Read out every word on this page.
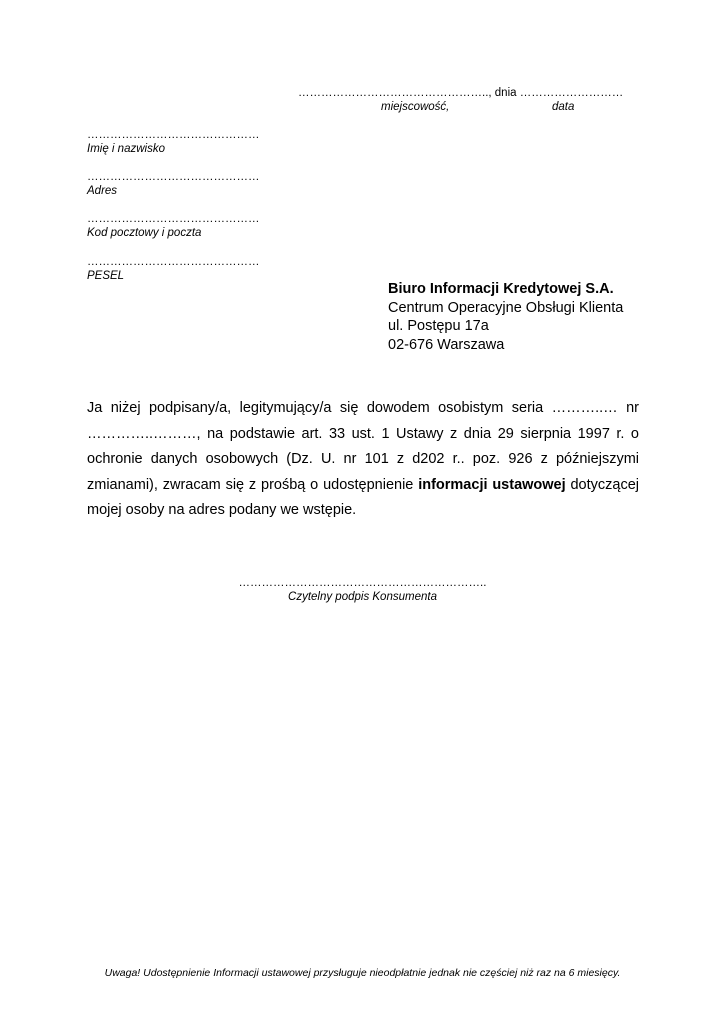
………………………………………….., dnia ………………………
miejscowość,	data
………………………………………
Imię i nazwisko
………………………………………
Adres
………………………………………
Kod pocztowy i poczta
………………………………………
PESEL
Biuro Informacji Kredytowej S.A.
Centrum Operacyjne Obsługi Klienta
ul. Postępu 17a
02-676 Warszawa
Ja niżej podpisany/a, legitymujący/a się dowodem osobistym seria ………..… nr …………..………, na podstawie art. 33 ust. 1 Ustawy z dnia 29 sierpnia 1997 r. o ochronie danych osobowych (Dz. U. nr 101 z d202 r.. poz. 926 z późniejszymi zmianami), zwracam się z prośbą o udostępnienie informacji ustawowej dotyczącej mojej osoby na adres podany we wstępie.
………………………………………………………..
Czytelny podpis Konsumenta
Uwaga! Udostępnienie Informacji ustawowej przysługuje nieodpłatnie jednak nie częściej niż raz na 6 miesięcy.
